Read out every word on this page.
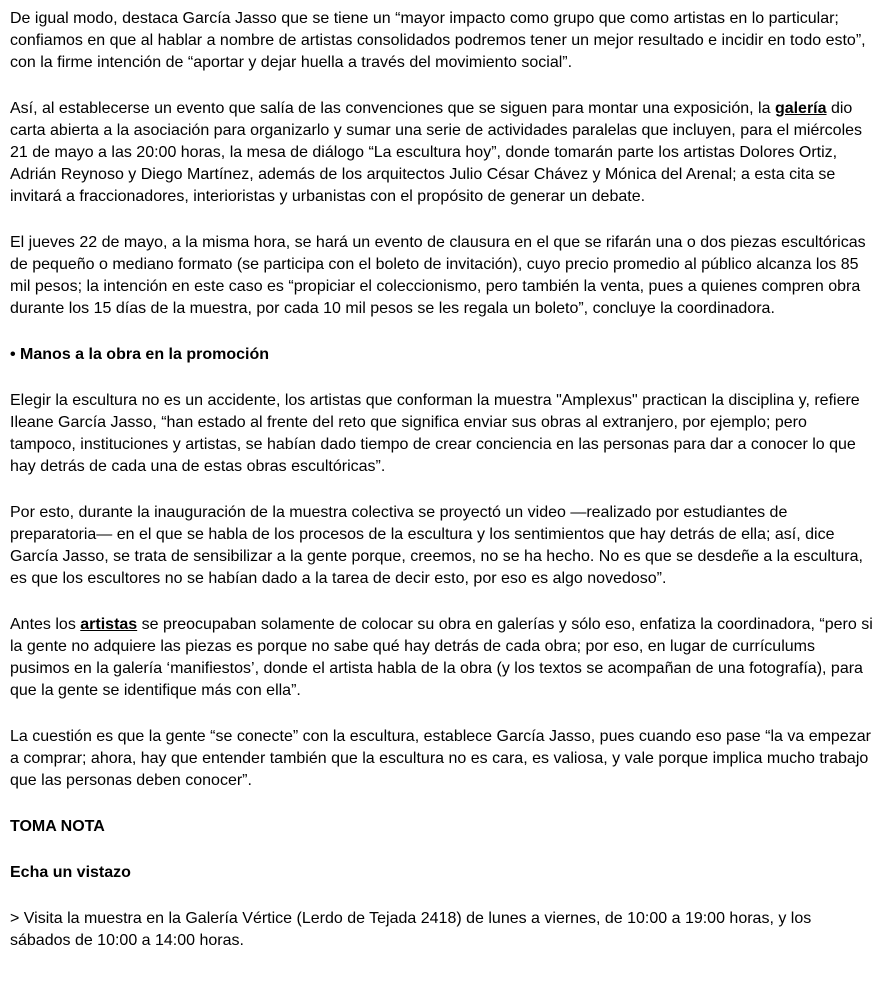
De igual modo, destaca García Jasso que se tiene un “mayor impacto como grupo que como artistas en lo particular; confiamos en que al hablar a nombre de artistas consolidados podremos tener un mejor resultado e incidir en todo esto”, con la firme intención de “aportar y dejar huella a través del movimiento social”.

Así, al establecerse un evento que salía de las convenciones que se siguen para montar una exposición, la galería dio carta abierta a la asociación para organizarlo y sumar una serie de actividades paralelas que incluyen, para el miércoles 21 de mayo a las 20:00 horas, la mesa de diálogo “La escultura hoy”, donde tomarán parte los artistas Dolores Ortiz, Adrián Reynoso y Diego Martínez, además de los arquitectos Julio César Chávez y Mónica del Arenal; a esta cita se invitará a fraccionadores, interioristas y urbanistas con el propósito de generar un debate.

El jueves 22 de mayo, a la misma hora, se hará un evento de clausura en el que se rifarán una o dos piezas escultóricas de pequeño o mediano formato (se participa con el boleto de invitación), cuyo precio promedio al público alcanza los 85 mil pesos; la intención en este caso es “propiciar el coleccionismo, pero también la venta, pues a quienes compren obra durante los 15 días de la muestra, por cada 10 mil pesos se les regala un boleto”, concluye la coordinadora.

• Manos a la obra en la promoción

Elegir la escultura no es un accidente, los artistas que conforman la muestra "Amplexus" practican la disciplina y, refiere Ileane García Jasso, “han estado al frente del reto que significa enviar sus obras al extranjero, por ejemplo; pero tampoco, instituciones y artistas, se habían dado tiempo de crear conciencia en las personas para dar a conocer lo que hay detrás de cada una de estas obras escultóricas”.

Por esto, durante la inauguración de la muestra colectiva se proyectó un video —realizado por estudiantes de preparatoria— en el que se habla de los procesos de la escultura y los sentimientos que hay detrás de ella; así, dice García Jasso, se trata de sensibilizar a la gente porque, creemos, no se ha hecho. No es que se desdeñe a la escultura, es que los escultores no se habían dado a la tarea de decir esto, por eso es algo novedoso”.

Antes los artistas se preocupaban solamente de colocar su obra en galerías y sólo eso, enfatiza la coordinadora, “pero si la gente no adquiere las piezas es porque no sabe qué hay detrás de cada obra; por eso, en lugar de currículums pusimos en la galería ‘manifiestos’, donde el artista habla de la obra (y los textos se acompañan de una fotografía), para que la gente se identifique más con ella”.

La cuestión es que la gente “se conecte” con la escultura, establece García Jasso, pues cuando eso pase “la va empezar a comprar; ahora, hay que entender también que la escultura no es cara, es valiosa, y vale porque implica mucho trabajo que las personas deben conocer”.

TOMA NOTA

Echa un vistazo

> Visita la muestra en la Galería Vértice (Lerdo de Tejada 2418) de lunes a viernes, de 10:00 a 19:00 horas, y los sábados de 10:00 a 14:00 horas.
